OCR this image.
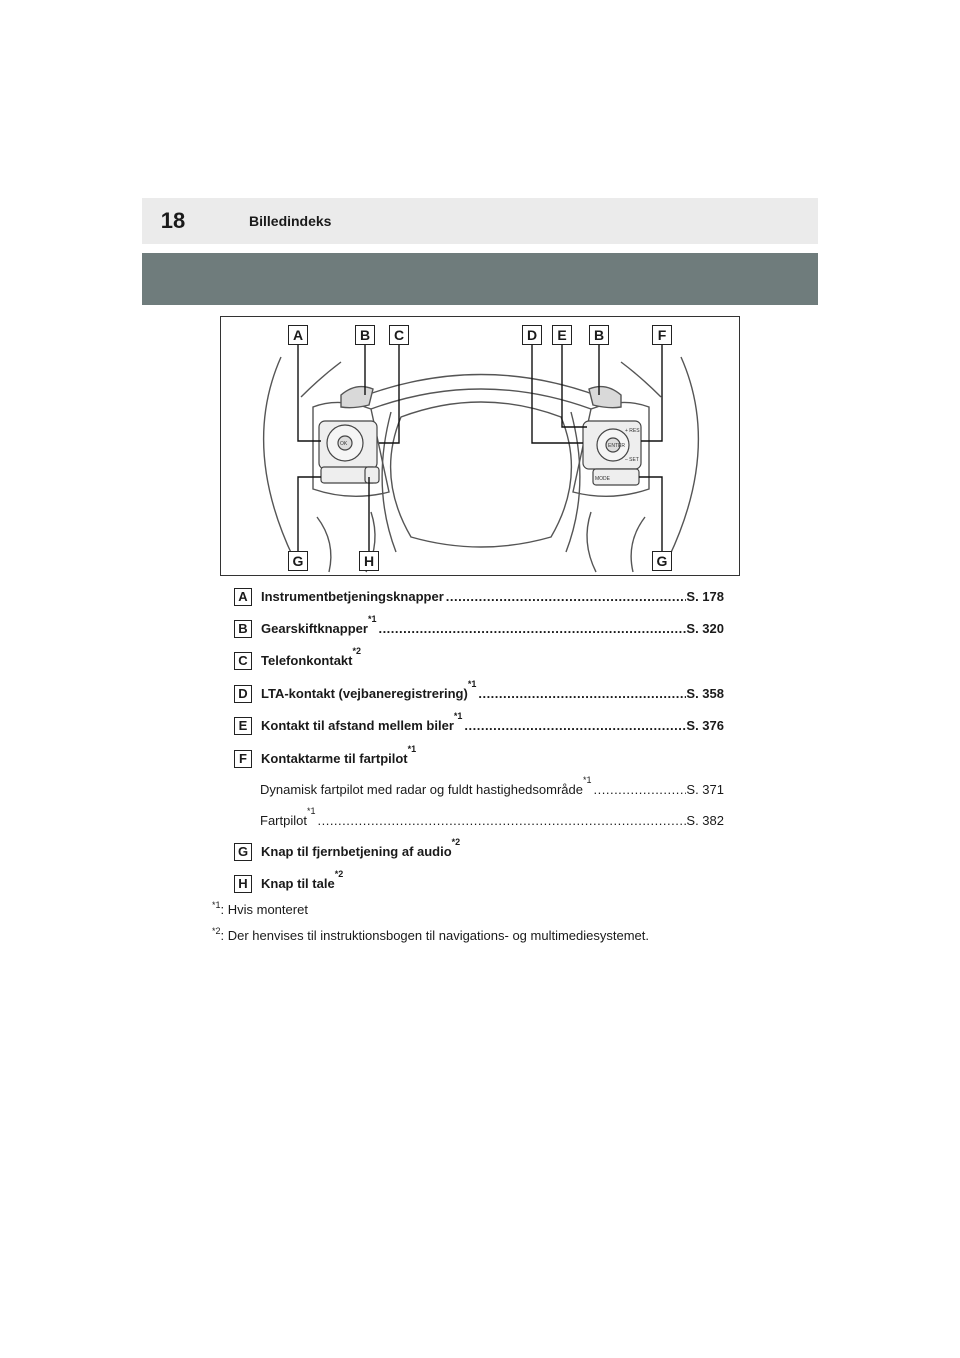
18	Billedindeks
OK	ENTER
+ RES
– SET
MODE
A	B	C	D	E	B	F
G	H	G
A	Instrumentbetjeningsknapper
.....	S. 178
B	Gearskiftknapper
$^{*1}$
.....
S. 320
C	Telefonkontakt
$^{*2}$
D	LTA-kontakt (vejbaneregistrering)
$^{*1}$
.....
S. 358
E	Kontakt til afstand mellem biler
$^{*1}$
.....
S. 376
F	Kontaktarme til fartpilot
$^{*1}$
Dynamisk fartpilot med radar og fuldt hastighedsområde
$^{*1}$
.....
S. 371
Fartpilot
$^{*1}$
.....
S. 382
G Knap til fjernbetjening af audio
$^{*2}$
H	Knap til tale
$^{*2}$
$^{*1}$: Hvis monteret
$^{*2}$: Der henvises til instruktionsbogen til navigations- og multimediesystemet.
